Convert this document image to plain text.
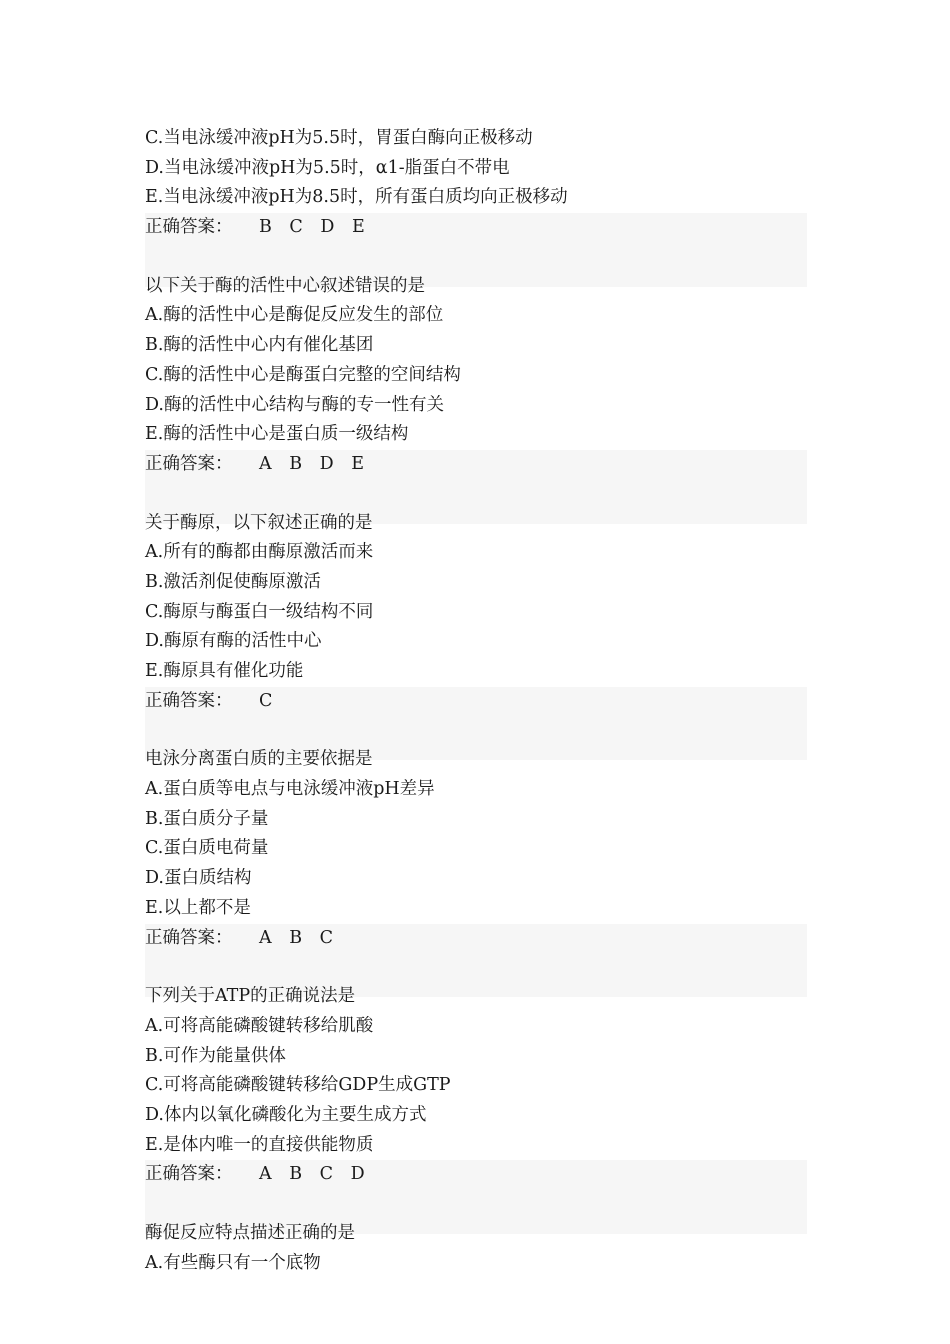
C.当电泳缓冲液pH为5.5时，胃蛋白酶向正极移动
D.当电泳缓冲液pH为5.5时，α1-脂蛋白不带电
E.当电泳缓冲液pH为8.5时，所有蛋白质均向正极移动
正确答案： B C D E
以下关于酶的活性中心叙述错误的是
A.酶的活性中心是酶促反应发生的部位
B.酶的活性中心内有催化基团
C.酶的活性中心是酶蛋白完整的空间结构
D.酶的活性中心结构与酶的专一性有关
E.酶的活性中心是蛋白质一级结构
正确答案： A B D E
关于酶原，以下叙述正确的是
A.所有的酶都由酶原激活而来
B.激活剂促使酶原激活
C.酶原与酶蛋白一级结构不同
D.酶原有酶的活性中心
E.酶原具有催化功能
正确答案： C
电泳分离蛋白质的主要依据是
A.蛋白质等电点与电泳缓冲液pH差异
B.蛋白质分子量
C.蛋白质电荷量
D.蛋白质结构
E.以上都不是
正确答案： A B C
下列关于ATP的正确说法是
A.可将高能磷酸键转移给肌酸
B.可作为能量供体
C.可将高能磷酸键转移给GDP生成GTP
D.体内以氧化磷酸化为主要生成方式
E.是体内唯一的直接供能物质
正确答案： A B C D
酶促反应特点描述正确的是
A.有些酶只有一个底物
